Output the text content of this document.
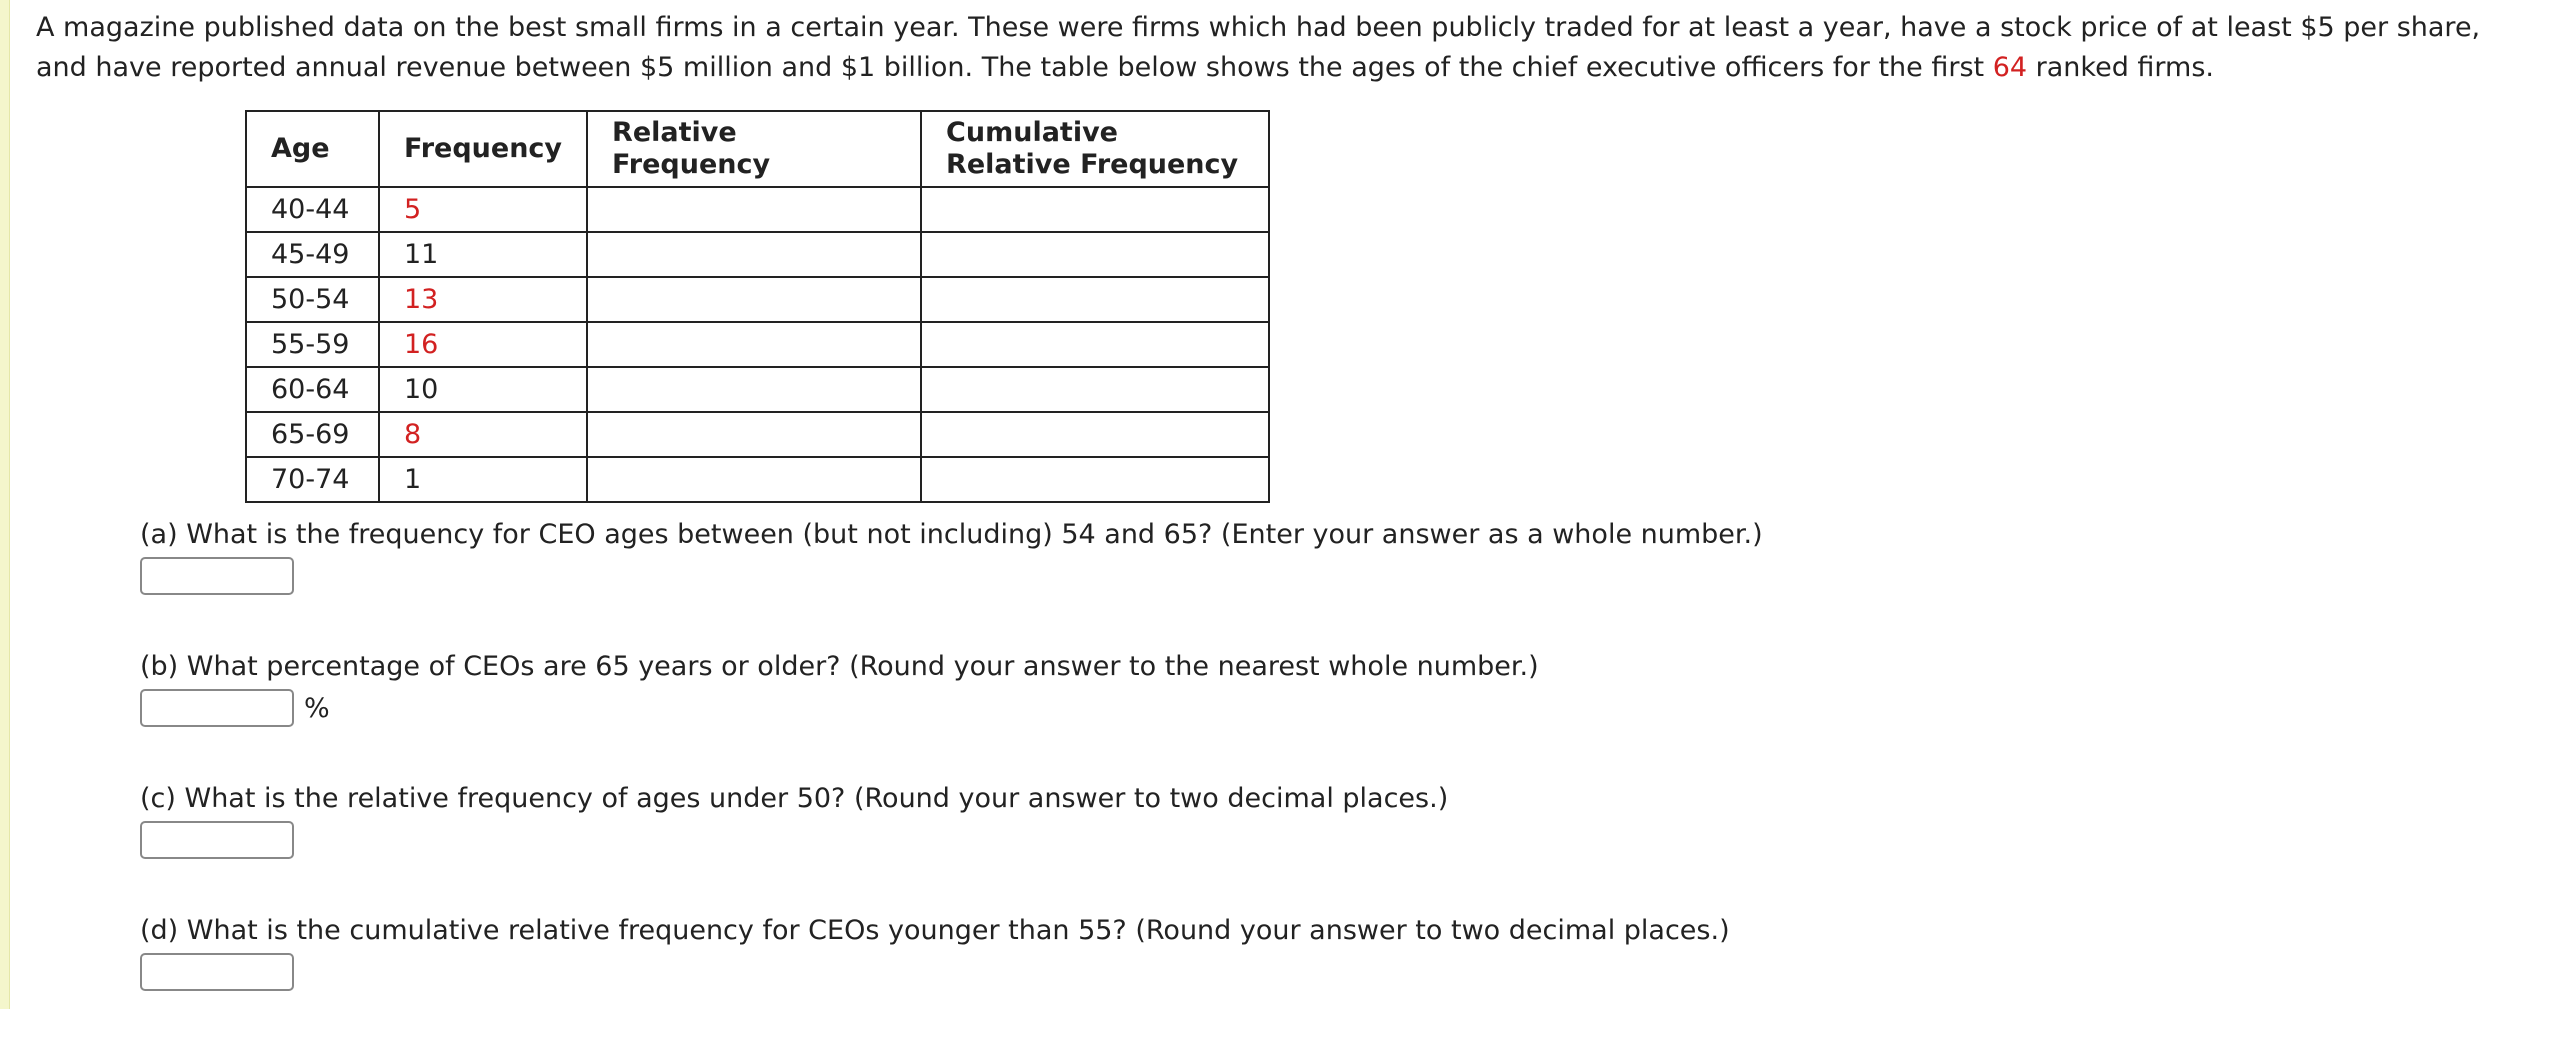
A magazine published data on the best small firms in a certain year. These were firms which had been publicly traded for at least a year, have a stock price of at least $5 per share, and have reported annual revenue between $5 million and $1 billion. The table below shows the ages of the chief executive officers for the first 64 ranked firms.

Age	Frequency	Relative Frequency	Cumulative Relative Frequency
40-44	5		
45-49	11		
50-54	13		
55-59	16		
60-64	10		
65-69	8		
70-74	1		

(a) What is the frequency for CEO ages between (but not including) 54 and 65? (Enter your answer as a whole number.)

(b) What percentage of CEOs are 65 years or older? (Round your answer to the nearest whole number.)

%

(c) What is the relative frequency of ages under 50? (Round your answer to two decimal places.)

(d) What is the cumulative relative frequency for CEOs younger than 55? (Round your answer to two decimal places.)
